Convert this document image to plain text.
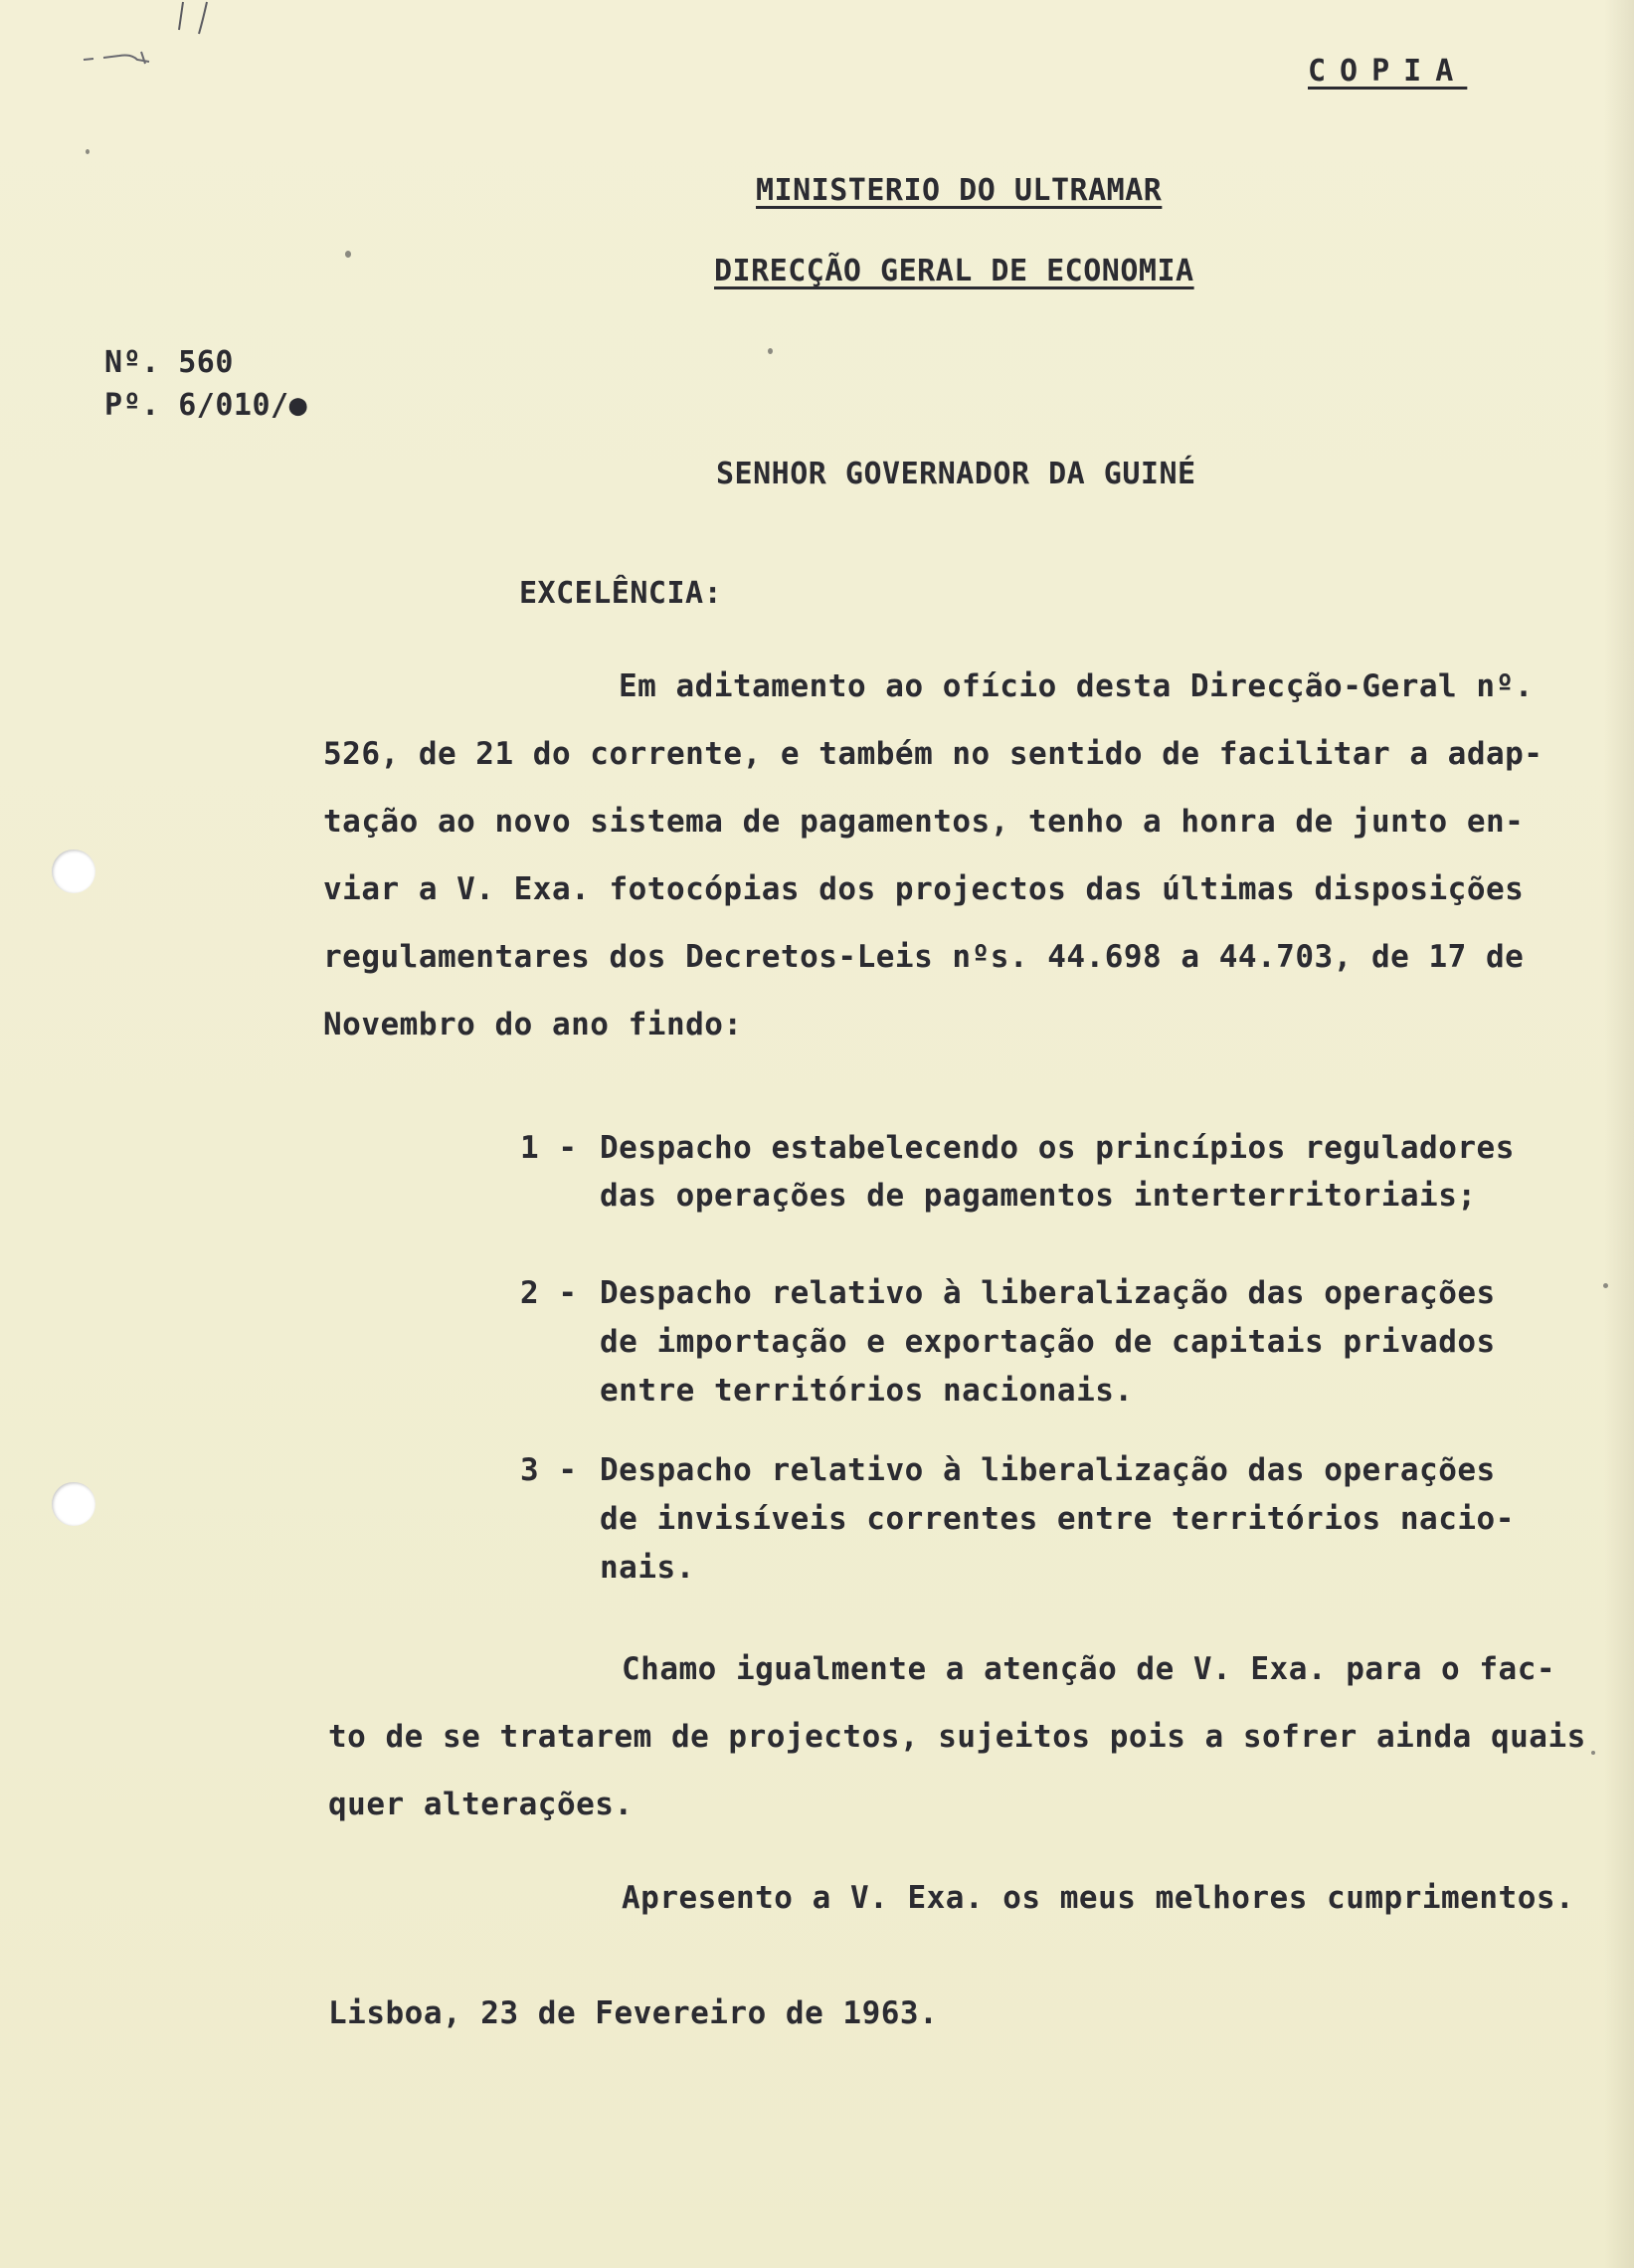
COPIA
MINISTERIO DO ULTRAMAR
DIRECÇÃO GERAL DE ECONOMIA
Nº. 560
Pº. 6/010/●
SENHOR GOVERNADOR DA GUINÉ
EXCELÊNCIA:
Em aditamento ao ofício desta Direcção-Geral nº.
526, de 21 do corrente, e também no sentido de facilitar a adap-
tação ao novo sistema de pagamentos, tenho a honra de junto en-
viar a V. Exa. fotocópias dos projectos das últimas disposições
regulamentares dos Decretos-Leis nºs. 44.698 a 44.703, de 17 de
Novembro do ano findo:
1 - Despacho estabelecendo os princípios reguladores
das operações de pagamentos interterritoriais;
2 - Despacho relativo à liberalização das operações
de importação e exportação de capitais privados
entre territórios nacionais.
3 - Despacho relativo à liberalização das operações
de invisíveis correntes entre territórios nacio-
nais.
Chamo igualmente a atenção de V. Exa. para o fac-
to de se tratarem de projectos, sujeitos pois a sofrer ainda quais
quer alterações.
Apresento a V. Exa. os meus melhores cumprimentos.
Lisboa, 23 de Fevereiro de 1963.
